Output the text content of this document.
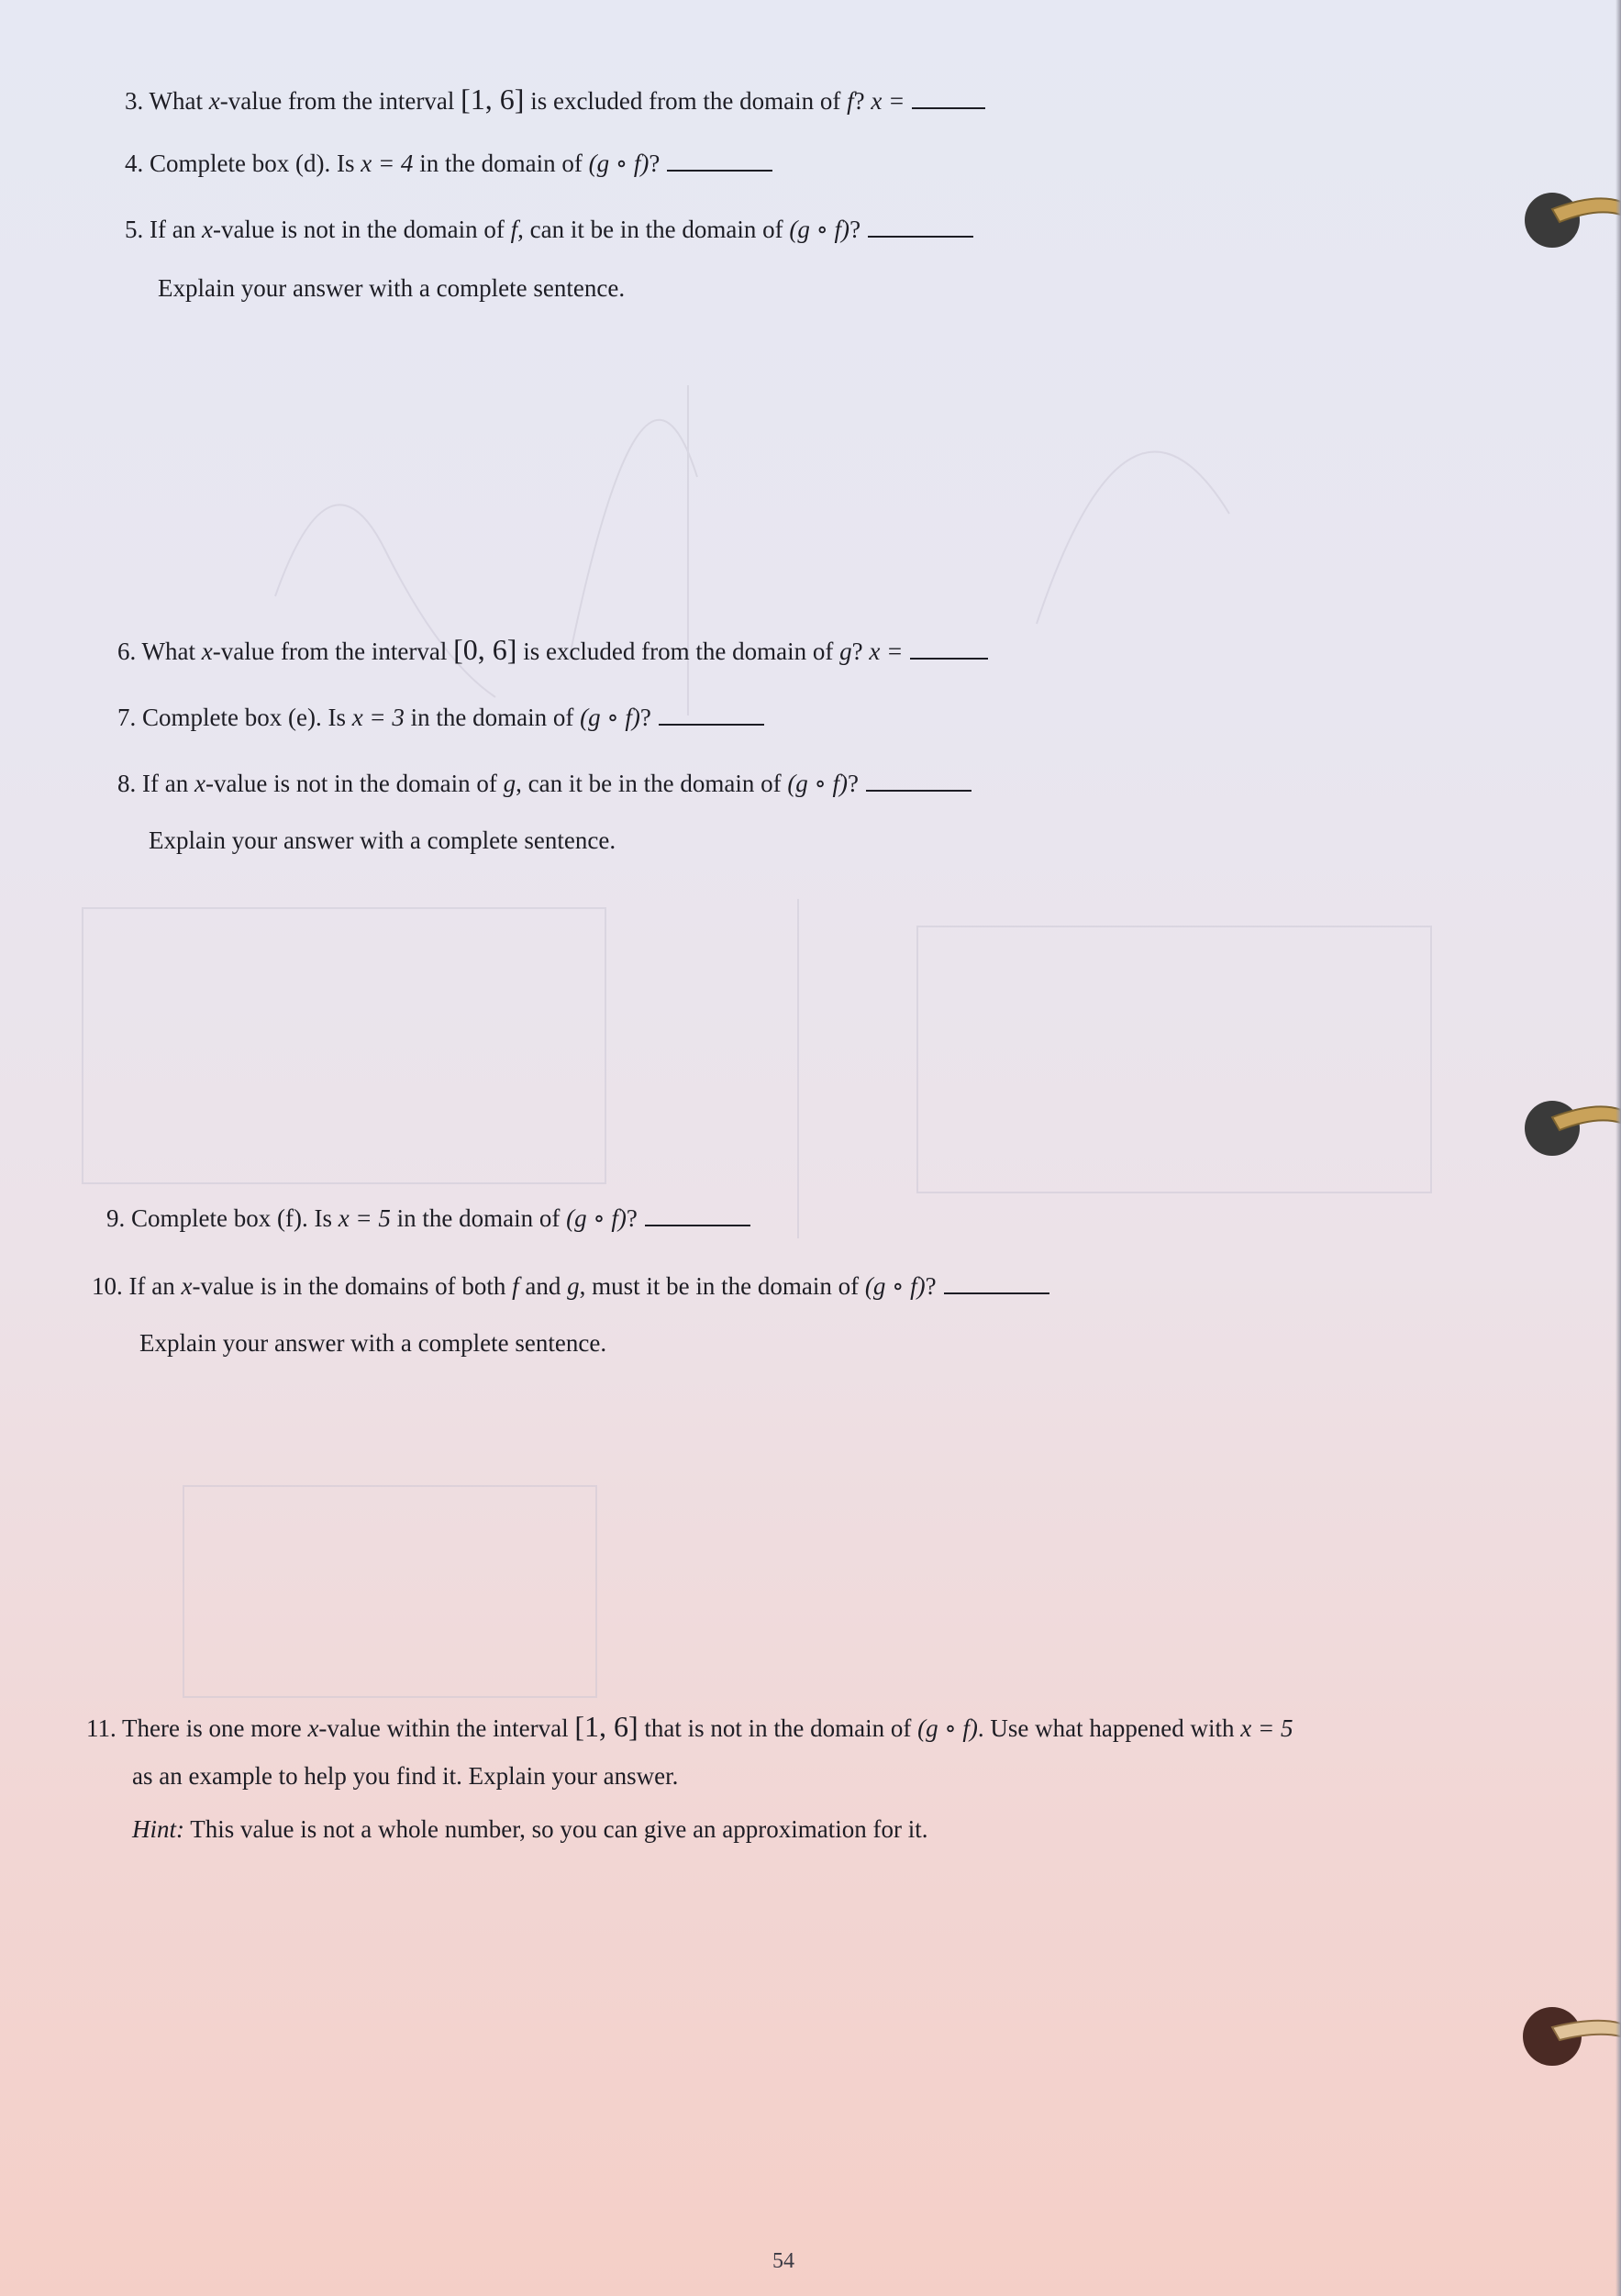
3. What x-value from the interval [1, 6] is excluded from the domain of f? x =
4. Complete box (d). Is x = 4 in the domain of (g ∘ f)?
5. If an x-value is not in the domain of f, can it be in the domain of (g ∘ f)?
Explain your answer with a complete sentence.
6. What x-value from the interval [0, 6] is excluded from the domain of g? x =
7. Complete box (e). Is x = 3 in the domain of (g ∘ f)?
8. If an x-value is not in the domain of g, can it be in the domain of (g ∘ f)?
Explain your answer with a complete sentence.
9. Complete box (f). Is x = 5 in the domain of (g ∘ f)?
10. If an x-value is in the domains of both f and g, must it be in the domain of (g ∘ f)?
Explain your answer with a complete sentence.
11. There is one more x-value within the interval [1, 6] that is not in the domain of (g ∘ f). Use what happened with x = 5
as an example to help you find it. Explain your answer.
Hint: This value is not a whole number, so you can give an approximation for it.
54
